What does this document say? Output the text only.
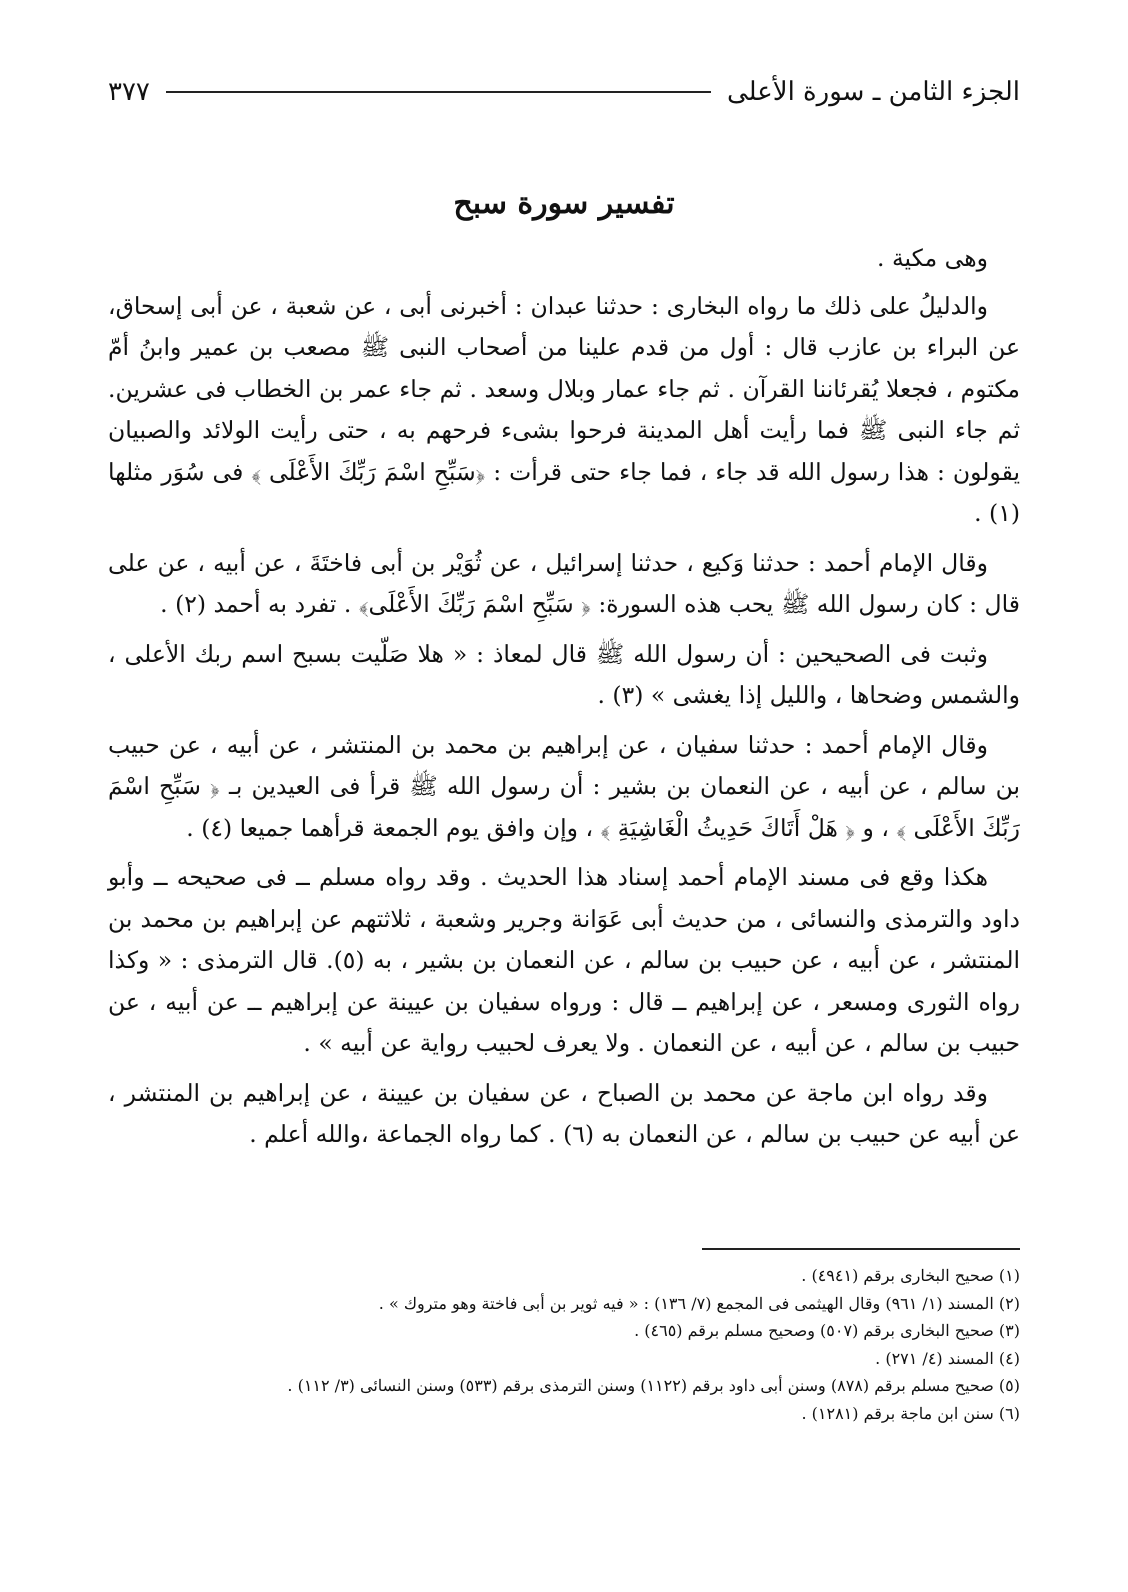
الجزء الثامن ـ سورة الأعلى
٣٧٧
تفسير سورة سبح

وهى مكية .

والدليلُ على ذلك ما رواه البخارى : حدثنا عبدان : أخبرنى أبى ، عن شعبة ، عن أبى إسحاق، عن البراء بن عازب قال : أول من قدم علينا من أصحاب النبى ﷺ مصعب بن عمير وابنُ أمّ مكتوم ، فجعلا يُقرئاننا القرآن . ثم جاء عمار وبلال وسعد . ثم جاء عمر بن الخطاب فى عشرين. ثم جاء النبى ﷺ فما رأيت أهل المدينة فرحوا بشىء فرحهم به ، حتى رأيت الولائد والصبيان يقولون : هذا رسول الله قد جاء ، فما جاء حتى قرأت : ﴿سَبِّحِ اسْمَ رَبِّكَ الأَعْلَى ﴾ فى سُوَر مثلها (١) .

وقال الإمام أحمد : حدثنا وَكيع ، حدثنا إسرائيل ، عن ثُوَيْر بن أبى فاختَةَ ، عن أبيه ، عن على قال : كان رسول الله ﷺ يحب هذه السورة: ﴿ سَبِّحِ اسْمَ رَبِّكَ الأَعْلَى﴾ . تفرد به أحمد (٢) .

وثبت فى الصحيحين : أن رسول الله ﷺ قال لمعاذ : « هلا صَلّيت بسبح اسم ربك الأعلى ، والشمس وضحاها ، والليل إذا يغشى » (٣) .

وقال الإمام أحمد : حدثنا سفيان ، عن إبراهيم بن محمد بن المنتشر ، عن أبيه ، عن حبيب بن سالم ، عن أبيه ، عن النعمان بن بشير : أن رسول الله ﷺ قرأ فى العيدين بـ ﴿ سَبِّحِ اسْمَ رَبِّكَ الأَعْلَى ﴾ ، و ﴿ هَلْ أَتَاكَ حَدِيثُ الْغَاشِيَةِ ﴾ ، وإن وافق يوم الجمعة قرأهما جميعا (٤) .

هكذا وقع فى مسند الإمام أحمد إسناد هذا الحديث . وقد رواه مسلم ــ فى صحيحه ــ وأبو داود والترمذى والنسائى ، من حديث أبى عَوَانة وجرير وشعبة ، ثلاثتهم عن إبراهيم بن محمد بن المنتشر ، عن أبيه ، عن حبيب بن سالم ، عن النعمان بن بشير ، به (٥). قال الترمذى : « وكذا رواه الثورى ومسعر ، عن إبراهيم ــ قال : ورواه سفيان بن عيينة عن إبراهيم ــ عن أبيه ، عن حبيب بن سالم ، عن أبيه ، عن النعمان . ولا يعرف لحبيب رواية عن أبيه » .

وقد رواه ابن ماجة عن محمد بن الصباح ، عن سفيان بن عيينة ، عن إبراهيم بن المنتشر ، عن أبيه عن حبيب بن سالم ، عن النعمان به (٦) . كما رواه الجماعة ،والله أعلم .

(١) صحيح البخارى برقم (٤٩٤١) .

(٢) المسند (١/ ٩٦١) وقال الهيثمى فى المجمع (٧/ ١٣٦) : « فيه ثوير بن أبى فاختة وهو متروك » .

(٣) صحيح البخارى برقم (٥٠٧) وصحيح مسلم برقم (٤٦٥) .

(٤) المسند (٤/ ٢٧١) .

(٥) صحيح مسلم برقم (٨٧٨) وسنن أبى داود برقم (١١٢٢) وسنن الترمذى برقم (٥٣٣) وسنن النسائى (٣/ ١١٢) .

(٦) سنن ابن ماجة برقم (١٢٨١) .
